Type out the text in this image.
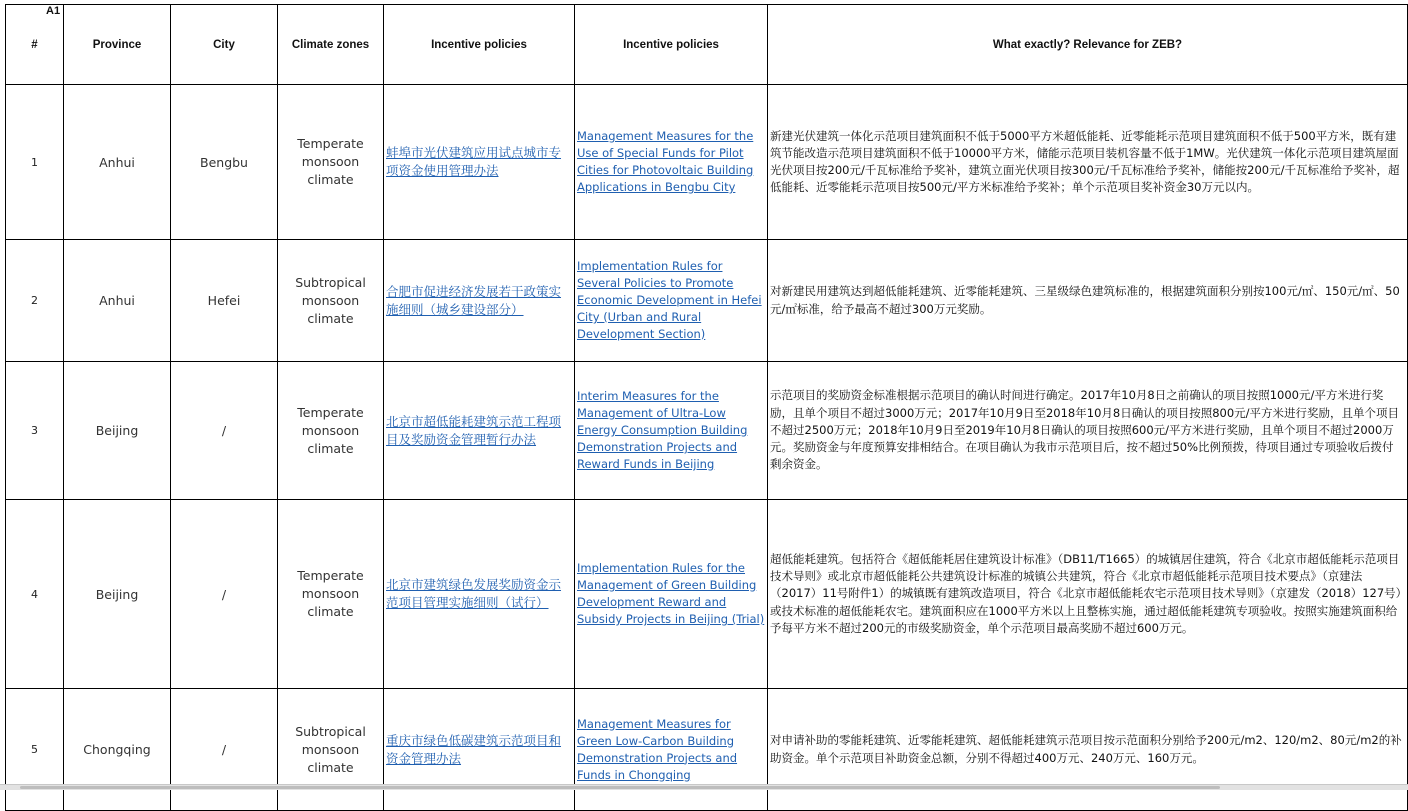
A1
#	Province	City	Climate zones	Incentive policies	Incentive policies	What exactly? Relevance for ZEB?
1	Anhui	Bengbu	Temperate monsoon climate	蚌埠市光伏建筑应用试点城市专项资金使用管理办法	Management Measures for the Use of Special Funds for Pilot Cities for Photovoltaic Building Applications in Bengbu City	新建光伏建筑一体化示范项目建筑面积不低于5000平方米超低能耗、近零能耗示范项目建筑面积不低于500平方米，既有建筑节能改造示范项目建筑面积不低于10000平方米，储能示范项目装机容量不低于1MW。光伏建筑一体化示范项目建筑屋面光伏项目按200元/千瓦标准给予奖补，建筑立面光伏项目按300元/千瓦标准给予奖补，储能按200元/千瓦标准给予奖补，超低能耗、近零能耗示范项目按500元/平方米标准给予奖补；单个示范项目奖补资金30万元以内。
2	Anhui	Hefei	Subtropical monsoon climate	合肥市促进经济发展若干政策实施细则（城乡建设部分）	Implementation Rules for Several Policies to Promote Economic Development in Hefei City (Urban and Rural Development Section)	对新建民用建筑达到超低能耗建筑、近零能耗建筑、三星级绿色建筑标准的，根据建筑面积分别按100元/㎡、150元/㎡、50元/㎡标准，给予最高不超过300万元奖励。
3	Beijing	/	Temperate monsoon climate	北京市超低能耗建筑示范工程项目及奖励资金管理暂行办法	Interim Measures for the Management of Ultra-Low Energy Consumption Building Demonstration Projects and Reward Funds in Beijing	示范项目的奖励资金标准根据示范项目的确认时间进行确定。2017年10月8日之前确认的项目按照1000元/平方米进行奖励，且单个项目不超过3000万元；2017年10月9日至2018年10月8日确认的项目按照800元/平方米进行奖励，且单个项目不超过2500万元；2018年10月9日至2019年10月8日确认的项目按照600元/平方米进行奖励，且单个项目不超过2000万元。奖励资金与年度预算安排相结合。在项目确认为我市示范项目后，按不超过50%比例预拨，待项目通过专项验收后拨付剩余资金。
4	Beijing	/	Temperate monsoon climate	北京市建筑绿色发展奖励资金示范项目管理实施细则（试行）	Implementation Rules for the Management of Green Building Development Reward and Subsidy Projects in Beijing (Trial)	超低能耗建筑。包括符合《超低能耗居住建筑设计标准》（DB11/T1665）的城镇居住建筑，符合《北京市超低能耗示范项目技术导则》或北京市超低能耗公共建筑设计标准的城镇公共建筑，符合《北京市超低能耗示范项目技术要点》（京建法（2017）11号附件1）的城镇既有建筑改造项目，符合《北京市超低能耗农宅示范项目技术导则》（京建发（2018）127号）或技术标准的超低能耗农宅。建筑面积应在1000平方米以上且整栋实施，通过超低能耗建筑专项验收。按照实施建筑面积给予每平方米不超过200元的市级奖励资金，单个示范项目最高奖励不超过600万元。
5	Chongqing	/	Subtropical monsoon climate	重庆市绿色低碳建筑示范项目和资金管理办法	Management Measures for Green Low-Carbon Building Demonstration Projects and Funds in Chongqing	对申请补助的零能耗建筑、近零能耗建筑、超低能耗建筑示范项目按示范面积分别给予200元/m2、120/m2、80元/m2的补助资金。单个示范项目补助资金总额，分别不得超过400万元、240万元、160万元。
